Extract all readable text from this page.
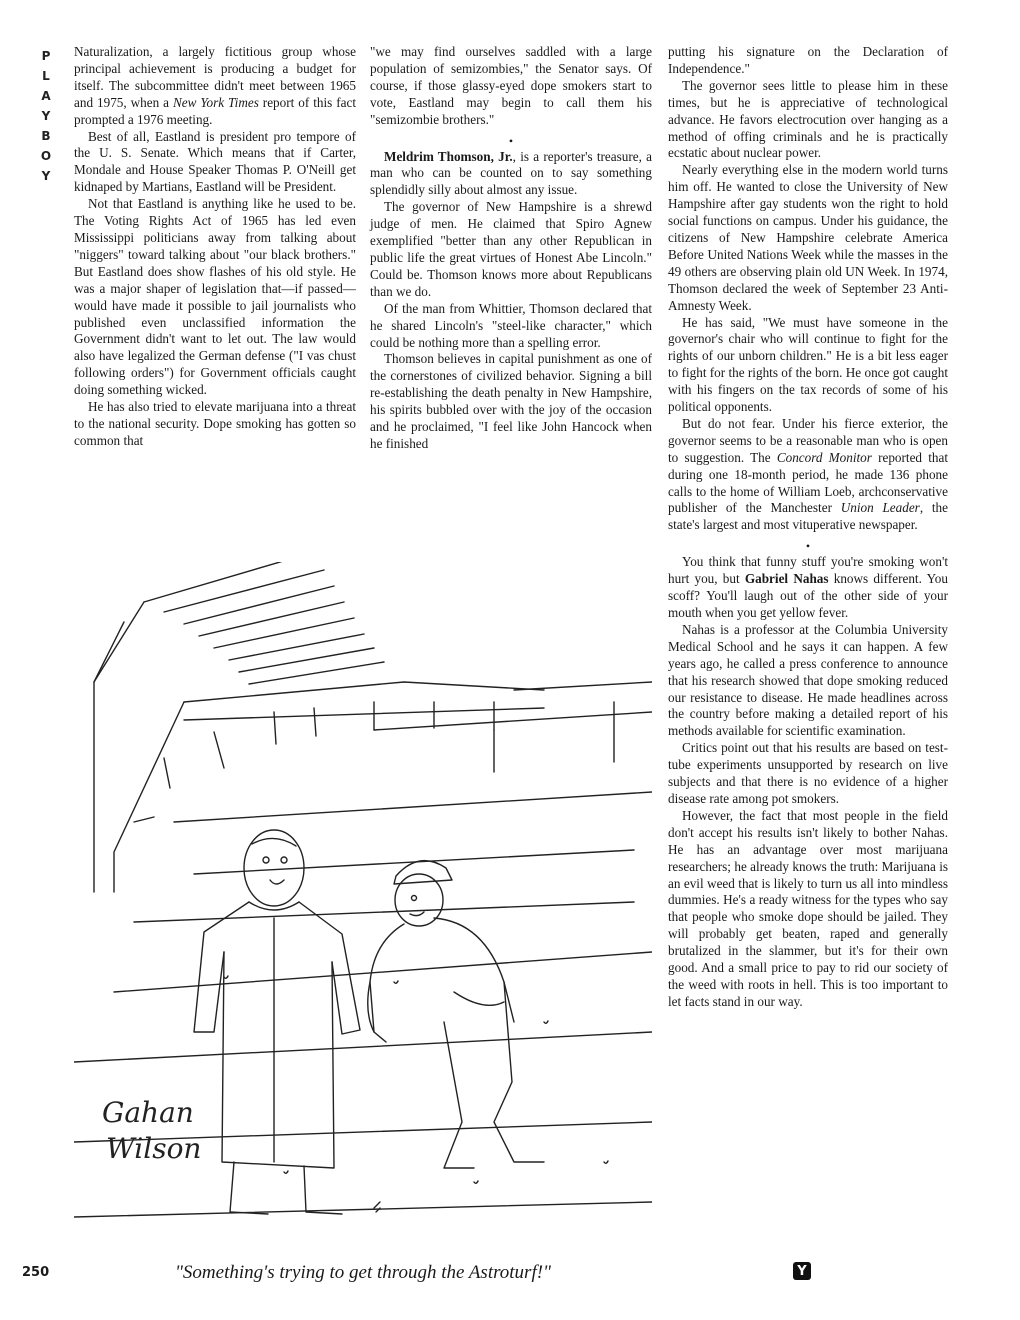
P
L
A
Y
B
O
Y

Naturalization, a largely fictitious group whose principal achievement is producing a budget for itself. The subcommittee didn't meet between 1965 and 1975, when a New York Times report of this fact prompted a 1976 meeting.

Best of all, Eastland is president pro tempore of the U. S. Senate. Which means that if Carter, Mondale and House Speaker Thomas P. O'Neill get kidnaped by Martians, Eastland will be President.

Not that Eastland is anything like he used to be. The Voting Rights Act of 1965 has led even Mississippi politicians away from talking about "niggers" toward talking about "our black brothers." But Eastland does show flashes of his old style. He was a major shaper of legislation that—if passed—would have made it possible to jail journalists who published even unclassified information the Government didn't want to let out. The law would also have legalized the German defense ("I vas chust following orders") for Government officials caught doing something wicked.

He has also tried to elevate marijuana into a threat to the national security. Dope smoking has gotten so common that

"we may find ourselves saddled with a large population of semizombies," the Senator says. Of course, if those glassy-eyed dope smokers start to vote, Eastland may begin to call them his "semizombie brothers."

•

Meldrim Thomson, Jr., is a reporter's treasure, a man who can be counted on to say something splendidly silly about almost any issue.

The governor of New Hampshire is a shrewd judge of men. He claimed that Spiro Agnew exemplified "better than any other Republican in public life the great virtues of Honest Abe Lincoln." Could be. Thomson knows more about Republicans than we do.

Of the man from Whittier, Thomson declared that he shared Lincoln's "steel-like character," which could be nothing more than a spelling error.

Thomson believes in capital punishment as one of the cornerstones of civilized behavior. Signing a bill re-establishing the death penalty in New Hampshire, his spirits bubbled over with the joy of the occasion and he proclaimed, "I feel like John Hancock when he finished

putting his signature on the Declaration of Independence."

The governor sees little to please him in these times, but he is appreciative of technological advance. He favors electrocution over hanging as a method of offing criminals and he is practically ecstatic about nuclear power.

Nearly everything else in the modern world turns him off. He wanted to close the University of New Hampshire after gay students won the right to hold social functions on campus. Under his guidance, the citizens of New Hampshire celebrate America Before United Nations Week while the masses in the 49 others are observing plain old UN Week. In 1974, Thomson declared the week of September 23 Anti-Amnesty Week.

He has said, "We must have someone in the governor's chair who will continue to fight for the rights of our unborn children." He is a bit less eager to fight for the rights of the born. He once got caught with his fingers on the tax records of some of his political opponents.

But do not fear. Under his fierce exterior, the governor seems to be a reasonable man who is open to suggestion. The Concord Monitor reported that during one 18-month period, he made 136 phone calls to the home of William Loeb, archconservative publisher of the Manchester Union Leader, the state's largest and most vituperative newspaper.

•

You think that funny stuff you're smoking won't hurt you, but Gabriel Nahas knows different. You scoff? You'll laugh out of the other side of your mouth when you get yellow fever.

Nahas is a professor at the Columbia University Medical School and he says it can happen. A few years ago, he called a press conference to announce that his research showed that dope smoking reduced our resistance to disease. He made headlines across the country before making a detailed report of his methods available for scientific examination.

Critics point out that his results are based on test-tube experiments unsupported by research on live subjects and that there is no evidence of a higher disease rate among pot smokers.

However, the fact that most people in the field don't accept his results isn't likely to bother Nahas. He has an advantage over most marijuana researchers; he already knows the truth: Marijuana is an evil weed that is likely to turn us all into mindless dummies. He's a ready witness for the types who say that people who smoke dope should be jailed. They will probably get beaten, raped and generally brutalized in the slammer, but it's for their own good. And a small price to pay to rid our society of the weed with roots in hell. This is too important to let facts stand in our way.

Gahan
Wilson
"Something's trying to get through the Astroturf!"
250	Y
